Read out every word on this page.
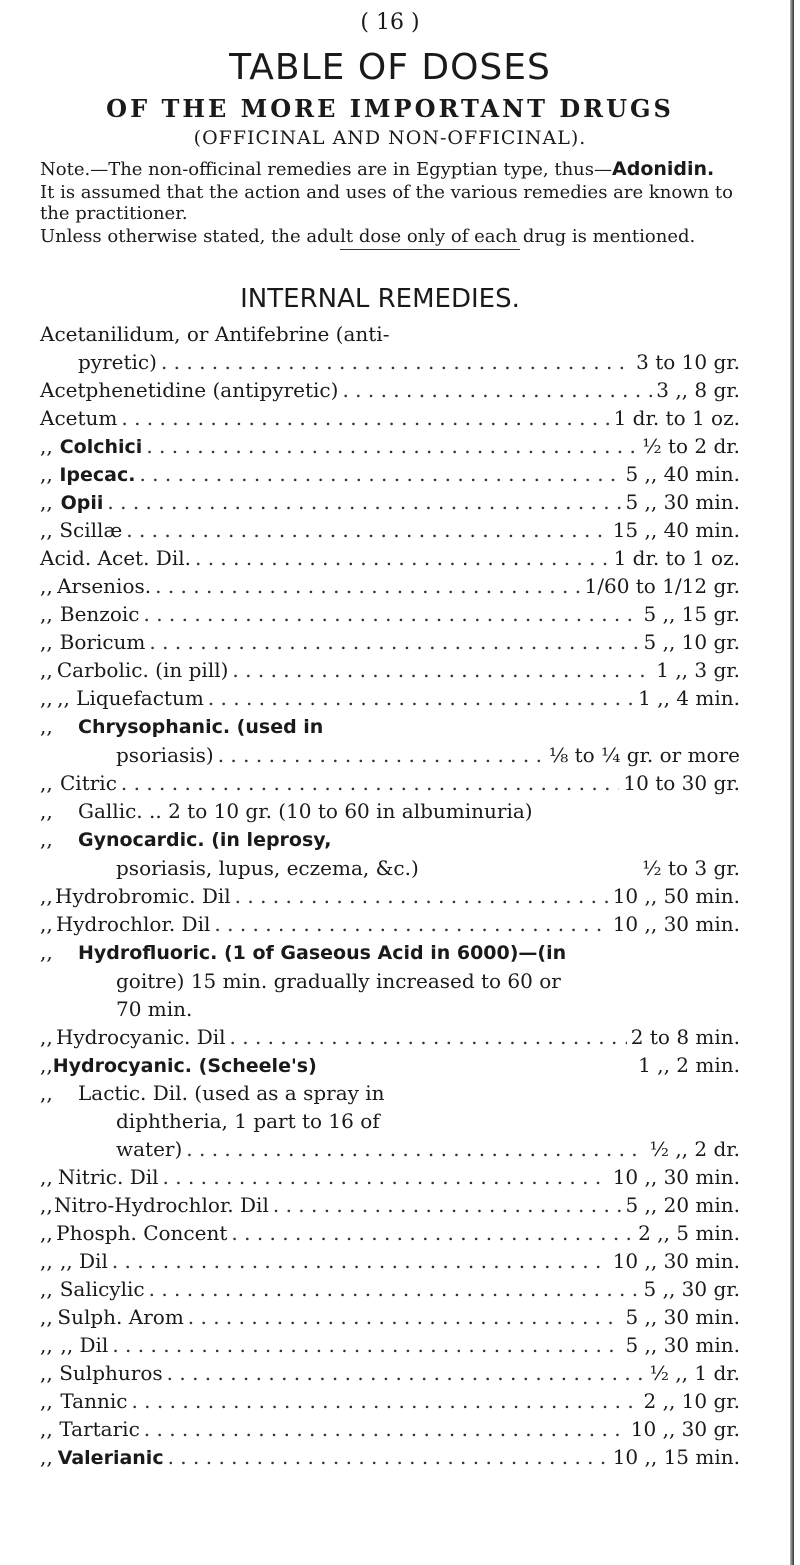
( 16 )
TABLE OF DOSES
OF THE MORE IMPORTANT DRUGS
(OFFICINAL AND NON-OFFICINAL).

Note.—The non-officinal remedies are in Egyptian type, thus—Adonidin.

It is assumed that the action and uses of the various remedies are known to the practitioner.

Unless otherwise stated, the adult dose only of each drug is mentioned.

INTERNAL REMEDIES.
Acetanilidum, or Antifebrine (anti-
pyretic) . . .	3 to 10 gr.
Acetphenetidine (antipyretic) . . .	3 ,, 8 gr.
Acetum . . .	1 dr. to 1 oz.
,, Colchici . . .	½ to 2 dr.
,, Ipecac. . . .	5 ,, 40 min.
,, Opii . . .	5 ,, 30 min.
,, Scillæ . . .	15 ,, 40 min.
Acid. Acet. Dil. . . .	1 dr. to 1 oz.
,, Arsenios. . . .	1/60 to 1/12 gr.
,, Benzoic . . .	5 ,, 15 gr.
,, Boricum . . .	5 ,, 10 gr.
,, Carbolic. (in pill) . . .	1 ,, 3 gr.
,, ,, Liquefactum . . .	1 ,, 4 min.
,, Chrysophanic. (used in
psoriasis) . . .	⅛ to ¼ gr. or more
,, Citric . . .	10 to 30 gr.
,, Gallic. .. 2 to 10 gr. (10 to 60 in albuminuria)
,, Gynocardic. (in leprosy,
psoriasis, lupus, eczema, &c.)	½ to 3 gr.
,, Hydrobromic. Dil . . .	10 ,, 50 min.
,, Hydrochlor. Dil . . .	10 ,, 30 min.
,, Hydrofluoric. (1 of Gaseous Acid in 6000)—(in
goitre) 15 min. gradually increased to 60 or
70 min.
,, Hydrocyanic. Dil . . .	2 to 8 min.
,, Hydrocyanic. (Scheele's)	1 ,, 2 min.
,, Lactic. Dil. (used as a spray in
diphtheria, 1 part to 16 of
water) . . .	½ ,, 2 dr.
,, Nitric. Dil . . .	10 ,, 30 min.
,, Nitro-Hydrochlor. Dil . . .	5 ,, 20 min.
,, Phosph. Concent . . .	2 ,, 5 min.
,, ,, Dil . . .	10 ,, 30 min.
,, Salicylic . . .	5 ,, 30 gr.
,, Sulph. Arom . . .	5 ,, 30 min.
,, ,, Dil . . .	5 ,, 30 min.
,, Sulphuros . . .	½ ,, 1 dr.
,, Tannic . . .	2 ,, 10 gr.
,, Tartaric . . .	10 ,, 30 gr.
,, Valerianic . . .	10 ,, 15 min.
